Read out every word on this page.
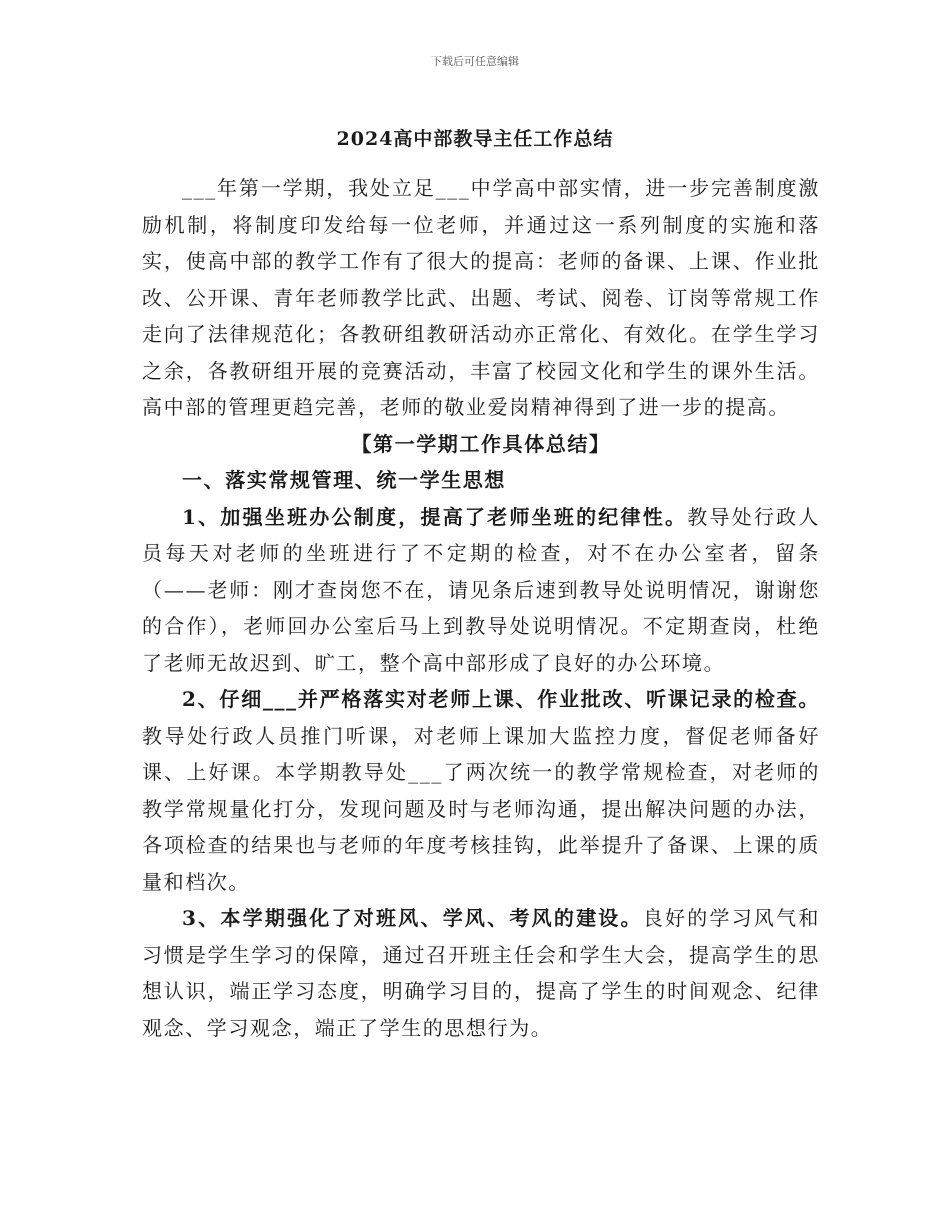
下载后可任意编辑
2024高中部教导主任工作总结

___年第一学期，我处立足___中学高中部实情，进一步完善制度激励机制，将制度印发给每一位老师，并通过这一系列制度的实施和落实，使高中部的教学工作有了很大的提高：老师的备课、上课、作业批改、公开课、青年老师教学比武、出题、考试、阅卷、订岗等常规工作走向了法律规范化；各教研组教研活动亦正常化、有效化。在学生学习之余，各教研组开展的竞赛活动，丰富了校园文化和学生的课外生活。高中部的管理更趋完善，老师的敬业爱岗精神得到了进一步的提高。

【第一学期工作具体总结】

一、落实常规管理、统一学生思想

1、加强坐班办公制度，提高了老师坐班的纪律性。教导处行政人员每天对老师的坐班进行了不定期的检查，对不在办公室者，留条（——老师：刚才查岗您不在，请见条后速到教导处说明情况，谢谢您的合作），老师回办公室后马上到教导处说明情况。不定期查岗，杜绝了老师无故迟到、旷工，整个高中部形成了良好的办公环境。

2、仔细___并严格落实对老师上课、作业批改、听课记录的检查。教导处行政人员推门听课，对老师上课加大监控力度，督促老师备好课、上好课。本学期教导处___了两次统一的教学常规检查，对老师的教学常规量化打分，发现问题及时与老师沟通，提出解决问题的办法，各项检查的结果也与老师的年度考核挂钩，此举提升了备课、上课的质量和档次。

3、本学期强化了对班风、学风、考风的建设。良好的学习风气和习惯是学生学习的保障，通过召开班主任会和学生大会，提高学生的思想认识，端正学习态度，明确学习目的，提高了学生的时间观念、纪律观念、学习观念，端正了学生的思想行为。
